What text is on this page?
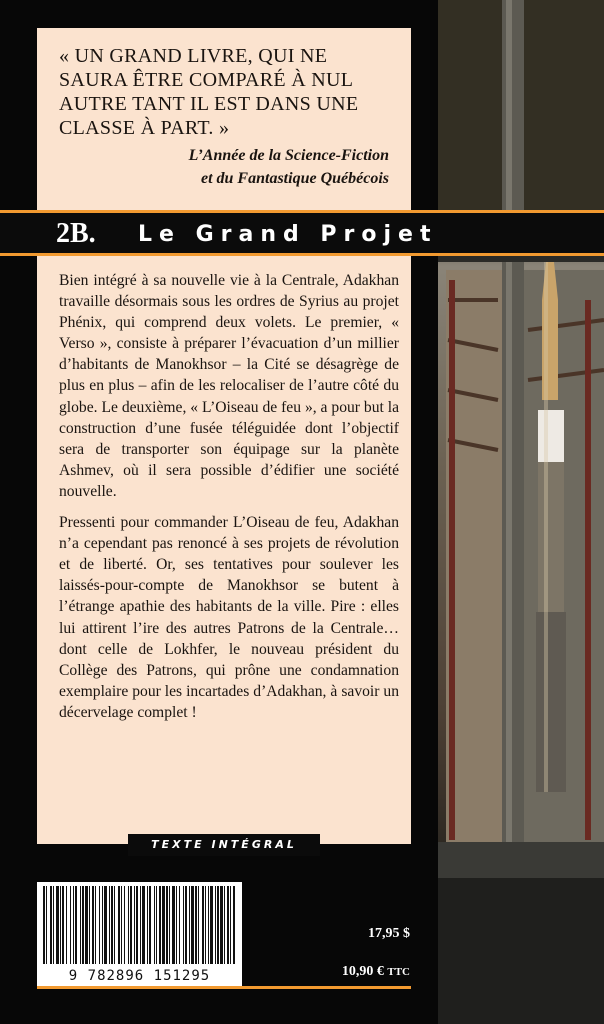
« UN GRAND LIVRE, QUI NE SAURA ÊTRE COMPARÉ À NUL AUTRE TANT IL EST DANS UNE CLASSE À PART. »

L’Année de la Science-Fiction
et du Fantastique Québécois
2B. Le Grand Projet

Bien intégré à sa nouvelle vie à la Centrale, Adakhan travaille désormais sous les ordres de Syrius au projet Phénix, qui comprend deux volets. Le premier, « Verso », consiste à préparer l’évacuation d’un millier d’habitants de Manokhsor – la Cité se désagrège de plus en plus – afin de les relocaliser de l’autre côté du globe. Le deuxième, « L’Oiseau de feu », a pour but la construction d’une fusée téléguidée dont l’objectif sera de transporter son équipage sur la planète Ashmev, où il sera possible d’édifier une société nouvelle.

Pressenti pour commander L’Oiseau de feu, Adakhan n’a cependant pas renoncé à ses projets de révolution et de liberté. Or, ses tentatives pour soulever les laissés-pour-compte de Manokhsor se butent à l’étrange apathie des habitants de la ville. Pire : elles lui attirent l’ire des autres Patrons de la Centrale… dont celle de Lokhfer, le nouveau président du Collège des Patrons, qui prône une condamnation exemplaire pour les incartades d’Adakhan, à savoir un décervelage complet !

TEXTE INTÉGRAL
9 782896 151295
17,95 $
10,90 € TTC
